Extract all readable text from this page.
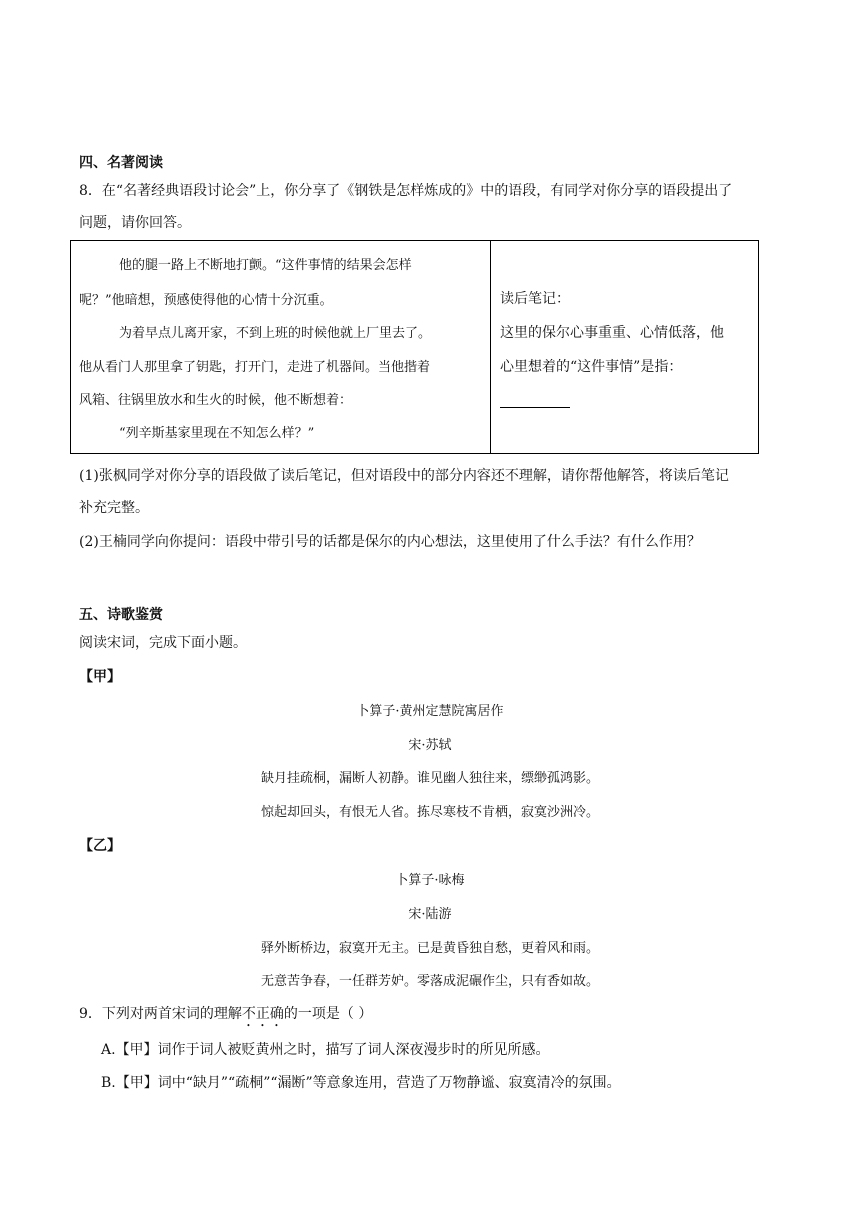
四、名著阅读
8．在“名著经典语段讨论会”上，你分享了《钢铁是怎样炼成的》中的语段，有同学对你分享的语段提出了
问题，请你回答。
他的腿一路上不断地打颤。“这件事情的结果会怎样
呢？”他暗想，预感使得他的心情十分沉重。
为着早点儿离开家，不到上班的时候他就上厂里去了。
他从看门人那里拿了钥匙，打开门，走进了机器间。当他揩着
风箱、往锅里放水和生火的时候，他不断想着：
“列辛斯基家里现在不知怎么样？”
读后笔记：
这里的保尔心事重重、心情低落，他
心里想着的“这件事情”是指：
(1)张枫同学对你分享的语段做了读后笔记，但对语段中的部分内容还不理解，请你帮他解答，将读后笔记
补充完整。
(2)王楠同学向你提问：语段中带引号的话都是保尔的内心想法，这里使用了什么手法？有什么作用？
五、诗歌鉴赏
阅读宋词，完成下面小题。
【甲】
卜算子·黄州定慧院寓居作
宋·苏轼
缺月挂疏桐，漏断人初静。谁见幽人独往来，缥缈孤鸿影。
惊起却回头，有恨无人省。拣尽寒枝不肯栖，寂寞沙洲冷。
【乙】
卜算子·咏梅
宋·陆游
驿外断桥边，寂寞开无主。已是黄昏独自愁，更着风和雨。
无意苦争春，一任群芳妒。零落成泥碾作尘，只有香如故。
9．下列对两首宋词的理解不正确的一项是（ ）
A.【甲】词作于词人被贬黄州之时，描写了词人深夜漫步时的所见所感。
B.【甲】词中“缺月”“疏桐”“漏断”等意象连用，营造了万物静谧、寂寞清冷的氛围。
